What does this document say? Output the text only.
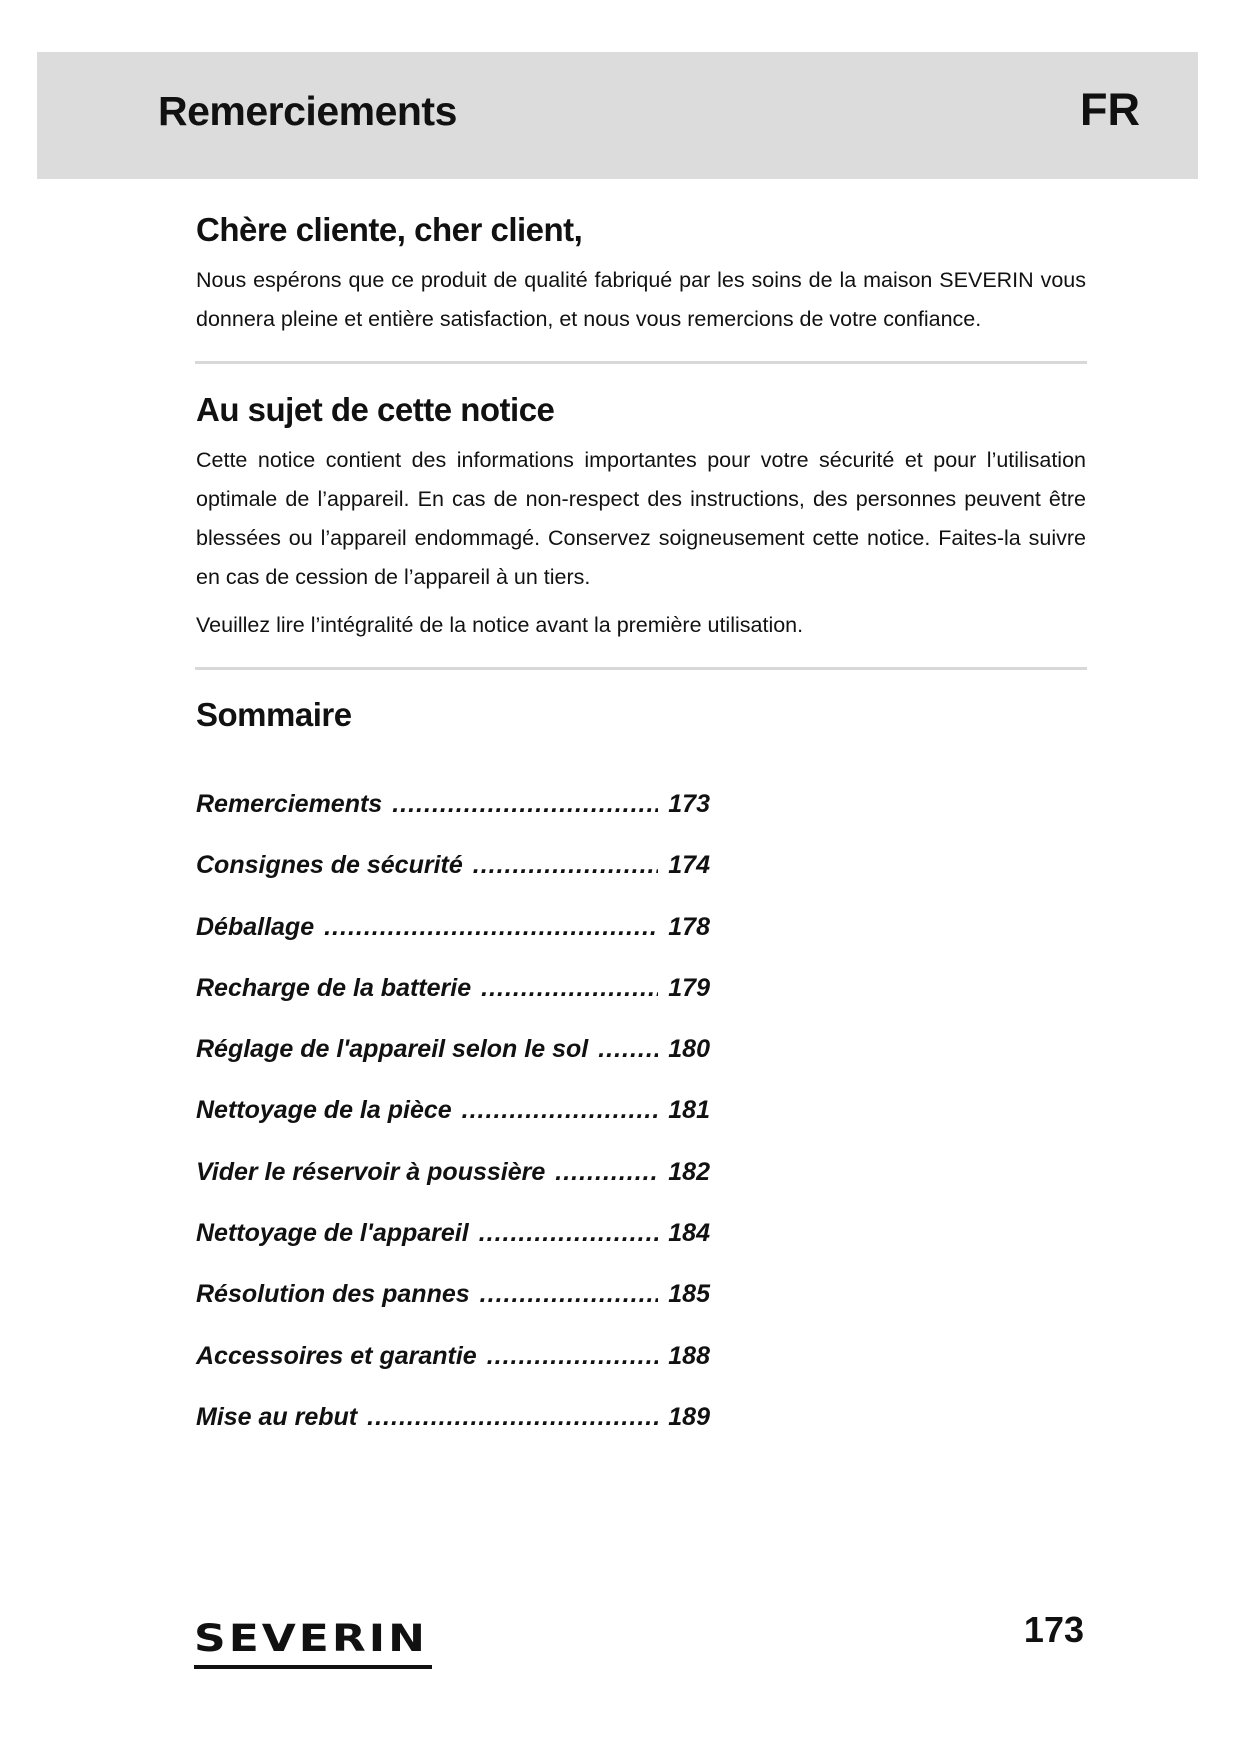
Remerciements	FR
Chère cliente, cher client,

Nous espérons que ce produit de qualité fabriqué par les soins de la maison SEVERIN vous donnera pleine et entière satisfaction, et nous vous remercions de votre confiance.

Au sujet de cette notice

Cette notice contient des informations importantes pour votre sécurité et pour l’utilisation optimale de l’appareil. En cas de non-respect des instructions, des personnes peuvent être blessées ou l’appareil endommagé. Conservez soigneusement cette notice. Faites-la suivre en cas de cession de l’appareil à un tiers.

Veuillez lire l’intégralité de la notice avant la première utilisation.

Sommaire
Remerciements .....	173
Consignes de sécurité .....	174
Déballage .....	178
Recharge de la batterie .....	179
Réglage de l'appareil selon le sol .....	180
Nettoyage de la pièce .....	181
Vider le réservoir à poussière .....	182
Nettoyage de l'appareil .....	184
Résolution des pannes .....	185
Accessoires et garantie .....	188
Mise au rebut .....	189
SEVERIN	173
